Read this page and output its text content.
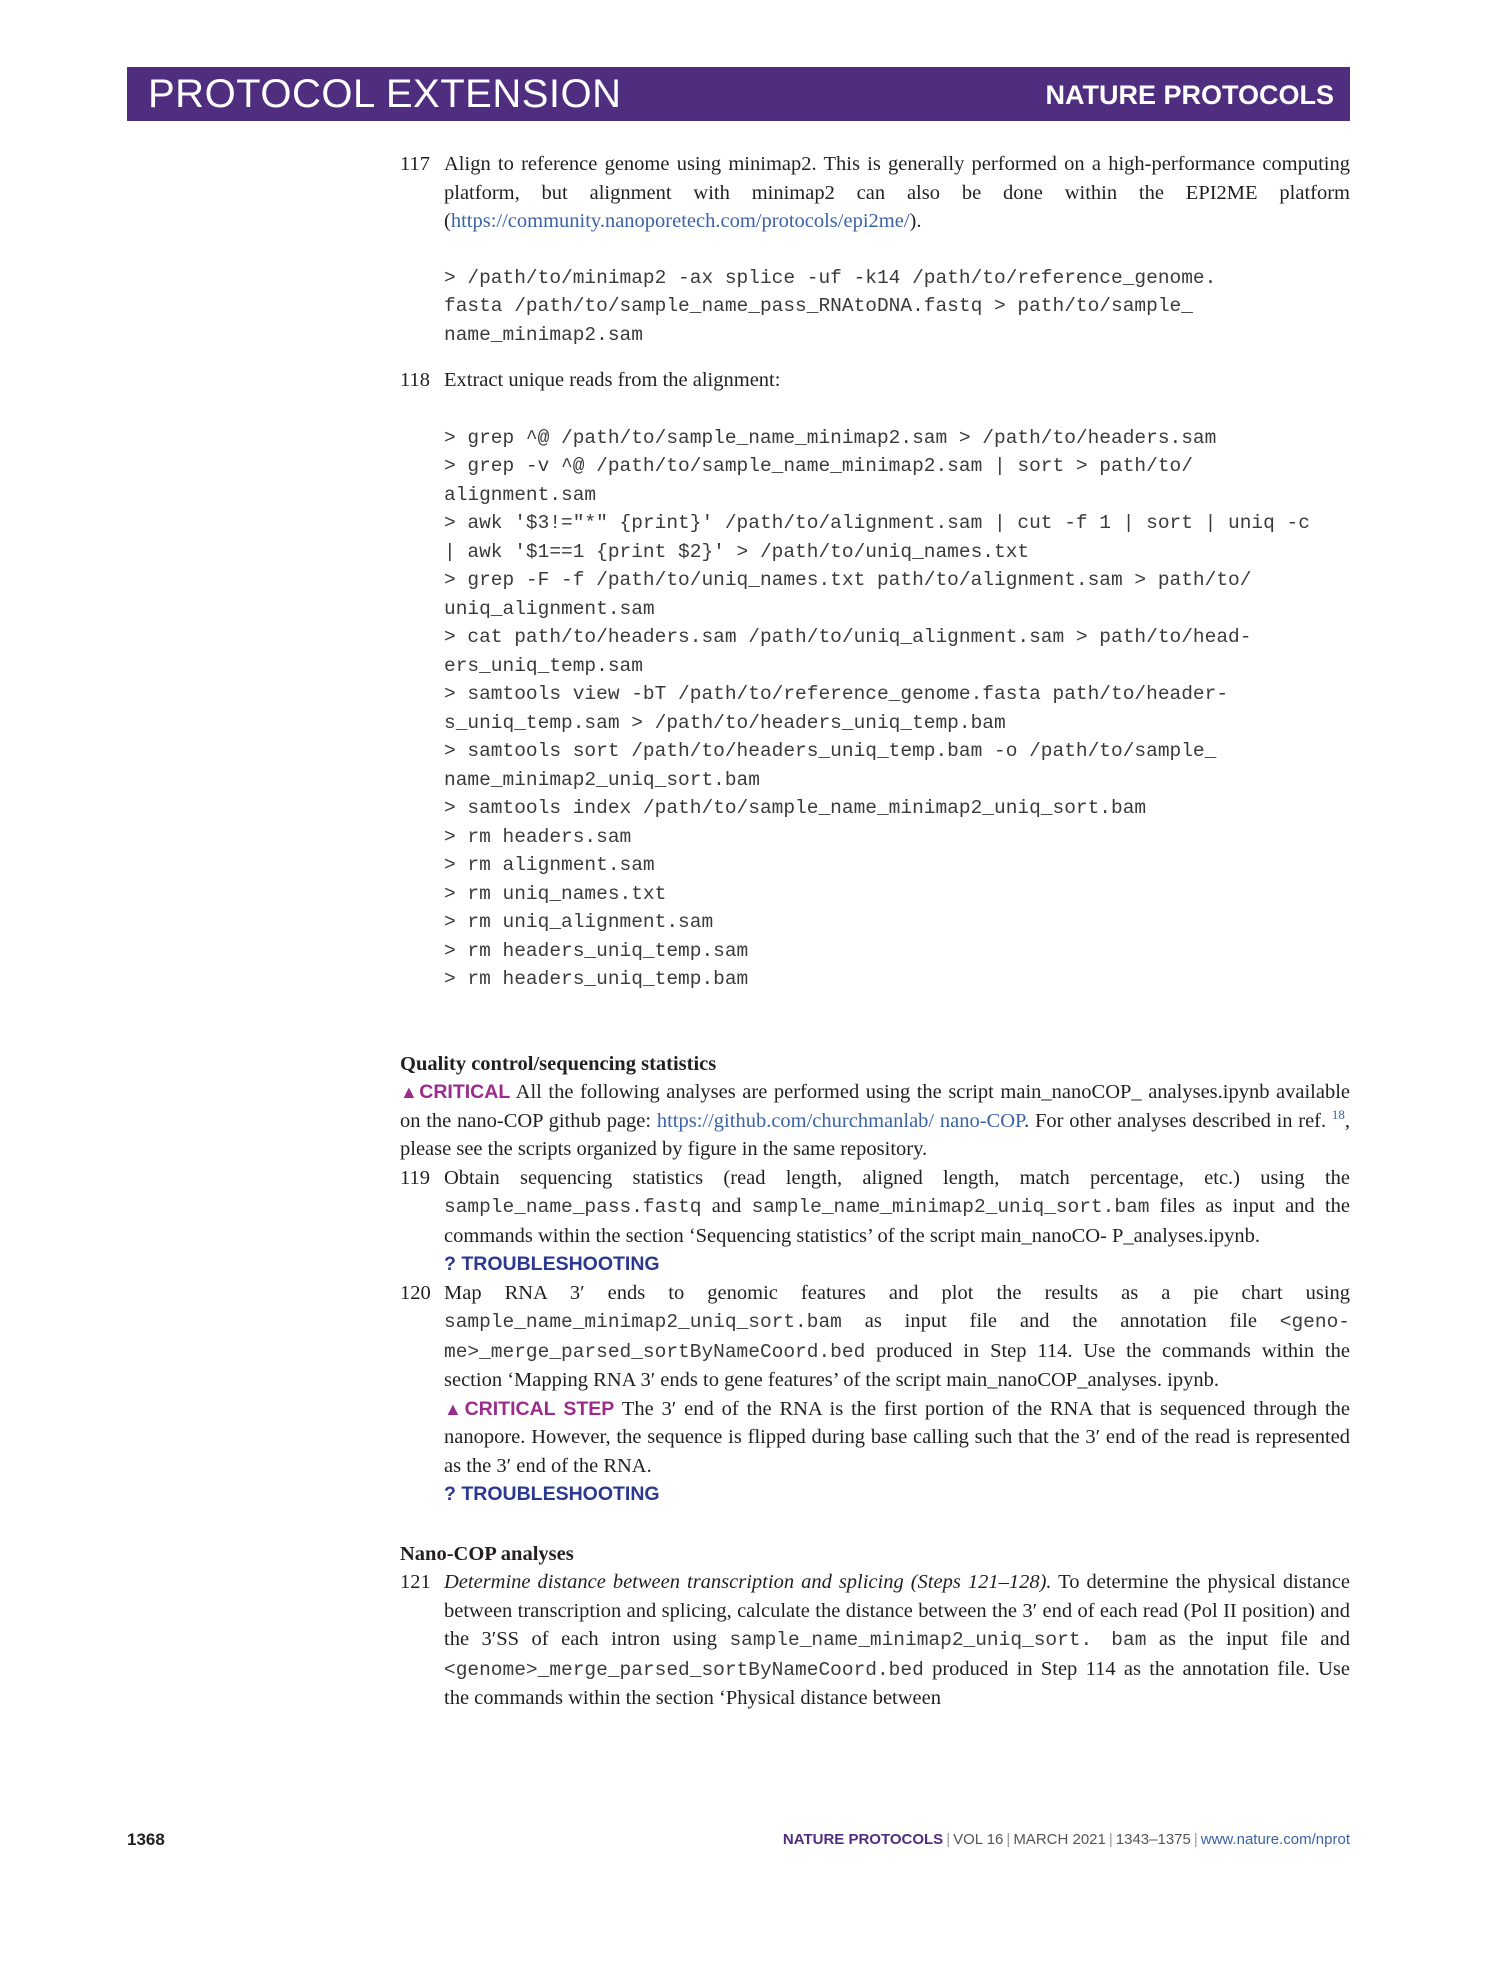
PROTOCOL EXTENSION	NATURE PROTOCOLS
117 Align to reference genome using minimap2. This is generally performed on a high-performance computing platform, but alignment with minimap2 can also be done within the EPI2ME platform (https://community.nanoporetech.com/protocols/epi2me/).
> /path/to/minimap2 -ax splice -uf -k14 /path/to/reference_genome.
fasta /path/to/sample_name_pass_RNAtoDNA.fastq > path/to/sample_
name_minimap2.sam
118 Extract unique reads from the alignment:
> grep ^@ /path/to/sample_name_minimap2.sam > /path/to/headers.sam
> grep -v ^@ /path/to/sample_name_minimap2.sam | sort > path/to/
alignment.sam
> awk '$3!="*" {print}' /path/to/alignment.sam | cut -f 1 | sort | uniq -c
| awk '$1==1 {print $2}' > /path/to/uniq_names.txt
> grep -F -f /path/to/uniq_names.txt path/to/alignment.sam > path/to/
uniq_alignment.sam
> cat path/to/headers.sam /path/to/uniq_alignment.sam > path/to/head-
ers_uniq_temp.sam
> samtools view -bT /path/to/reference_genome.fasta path/to/header-
s_uniq_temp.sam > /path/to/headers_uniq_temp.bam
> samtools sort /path/to/headers_uniq_temp.bam -o /path/to/sample_
name_minimap2_uniq_sort.bam
> samtools index /path/to/sample_name_minimap2_uniq_sort.bam
> rm headers.sam
> rm alignment.sam
> rm uniq_names.txt
> rm uniq_alignment.sam
> rm headers_uniq_temp.sam
> rm headers_uniq_temp.bam
Quality control/sequencing statistics
▲CRITICAL All the following analyses are performed using the script main_nanoCOP_ analyses.ipynb available on the nano-COP github page: https://github.com/churchmanlab/ nano-COP. For other analyses described in ref. $^{18}$, please see the scripts organized by figure in the same repository.
119 Obtain sequencing statistics (read length, aligned length, match percentage, etc.) using the sample_name_pass.fastq and sample_name_minimap2_uniq_sort.bam files as input and the commands within the section ‘Sequencing statistics’ of the script main_nanoCO- P_analyses.ipynb.
? TROUBLESHOOTING
120 Map RNA 3′ ends to genomic features and plot the results as a pie chart using sample_name_minimap2_uniq_sort.bam as input file and the annotation file <geno- me>_merge_parsed_sortByNameCoord.bed produced in Step 114. Use the commands within the section ‘Mapping RNA 3′ ends to gene features’ of the script main_nanoCOP_analyses. ipynb.
▲CRITICAL STEP The 3′ end of the RNA is the first portion of the RNA that is sequenced through the nanopore. However, the sequence is flipped during base calling such that the 3′ end of the read is represented as the 3′ end of the RNA.
? TROUBLESHOOTING
Nano-COP analyses
121 Determine distance between transcription and splicing (Steps 121–128). To determine the physical distance between transcription and splicing, calculate the distance between the 3′ end of each read (Pol II position) and the 3′SS of each intron using sample_name_minimap2_uniq_sort. bam as the input file and <genome>_merge_parsed_sortByNameCoord.bed produced in Step 114 as the annotation file. Use the commands within the section ‘Physical distance between
1368	NATURE PROTOCOLS | VOL 16 | MARCH 2021 | 1343–1375 | www.nature.com/nprot
